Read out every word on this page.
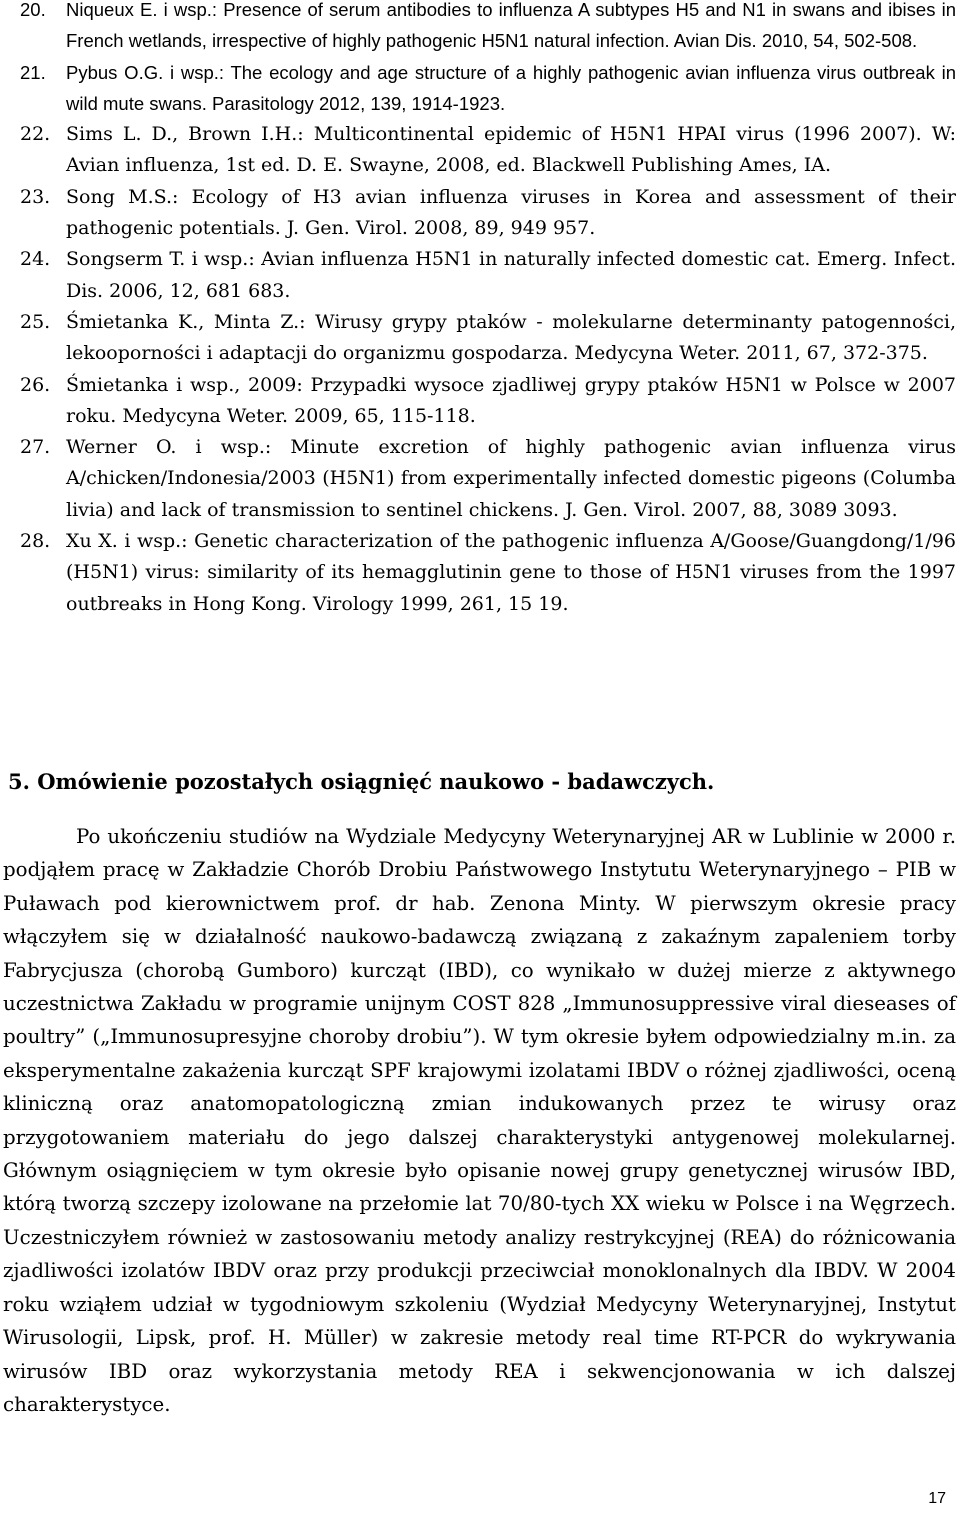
20.	Niqueux E. i wsp.: Presence of serum antibodies to influenza A subtypes H5 and N1 in swans and ibises in French wetlands, irrespective of highly pathogenic H5N1 natural infection. Avian Dis. 2010, 54, 502-508.
21.	Pybus O.G. i wsp.: The ecology and age structure of a highly pathogenic avian influenza virus outbreak in wild mute swans. Parasitology 2012, 139, 1914-1923.
22. Sims L. D., Brown I.H.: Multicontinental epidemic of H5N1 HPAI virus (1996 2007). W: Avian influenza, 1st ed. D. E. Swayne, 2008, ed. Blackwell Publishing Ames, IA.
23. Song M.S.: Ecology of H3 avian influenza viruses in Korea and assessment of their pathogenic potentials. J. Gen. Virol. 2008, 89, 949 957.
24. Songserm T. i wsp.: Avian influenza H5N1 in naturally infected domestic cat. Emerg. Infect. Dis. 2006, 12, 681 683.
25. Śmietanka K., Minta Z.: Wirusy grypy ptaków - molekularne determinanty patogenności, lekooporności i adaptacji do organizmu gospodarza. Medycyna Weter. 2011, 67, 372-375.
26. Śmietanka i wsp., 2009: Przypadki wysoce zjadliwej grypy ptaków H5N1 w Polsce w 2007 roku. Medycyna Weter. 2009, 65, 115-118.
27. Werner O. i wsp.: Minute excretion of highly pathogenic avian influenza virus A/chicken/Indonesia/2003 (H5N1) from experimentally infected domestic pigeons (Columba livia) and lack of transmission to sentinel chickens. J. Gen. Virol. 2007, 88, 3089 3093.
28. Xu X. i wsp.: Genetic characterization of the pathogenic influenza A/Goose/Guangdong/1/96 (H5N1) virus: similarity of its hemagglutinin gene to those of H5N1 viruses from the 1997 outbreaks in Hong Kong. Virology 1999, 261, 15 19.
5. Omówienie pozostałych osiągnięć naukowo - badawczych.
Po ukończeniu studiów na Wydziale Medycyny Weterynaryjnej AR w Lublinie w 2000 r. podjąłem pracę w Zakładzie Chorób Drobiu Państwowego Instytutu Weterynaryjnego – PIB w Puławach pod kierownictwem prof. dr hab. Zenona Minty. W pierwszym okresie pracy włączyłem się w działalność naukowo-badawczą związaną z zakaźnym zapaleniem torby Fabrycjusza (chorobą Gumboro) kurcząt (IBD), co wynikało w dużej mierze z aktywnego uczestnictwa Zakładu w programie unijnym COST 828 „Immunosuppressive viral dieseases of poultry” („Immunosupresyjne choroby drobiu”). W tym okresie byłem odpowiedzialny m.in. za eksperymentalne zakażenia kurcząt SPF krajowymi izolatami IBDV o różnej zjadliwości, oceną kliniczną oraz anatomopatologiczną zmian indukowanych przez te wirusy oraz przygotowaniem materiału do jego dalszej charakterystyki antygenowej molekularnej. Głównym osiągnięciem w tym okresie było opisanie nowej grupy genetycznej wirusów IBD, którą tworzą szczepy izolowane na przełomie lat 70/80-tych XX wieku w Polsce i na Węgrzech. Uczestniczyłem również w zastosowaniu metody analizy restrykcyjnej (REA) do różnicowania zjadliwości izolatów IBDV oraz przy produkcji przeciwciał monoklonalnych dla IBDV. W 2004 roku wziąłem udział w tygodniowym szkoleniu (Wydział Medycyny Weterynaryjnej, Instytut Wirusologii, Lipsk, prof. H. Müller) w zakresie metody real time RT-PCR do wykrywania wirusów IBD oraz wykorzystania metody REA i sekwencjonowania w ich dalszej charakterystyce.
17
